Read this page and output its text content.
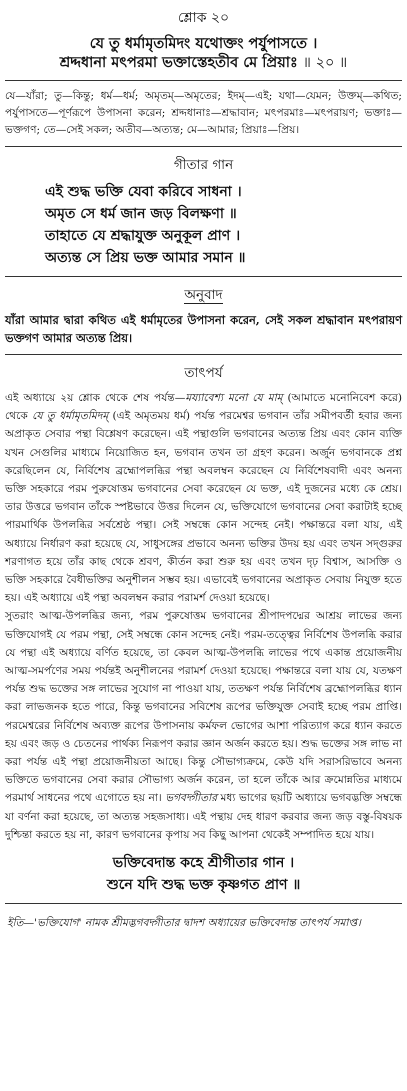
শ্লোক ২০
যে তু ধর্মামৃতমিদং যথোক্তং পর্যুপাসতে ।
শ্রদ্দধানা মৎপরমা ভক্তাস্তেহতীব মে প্রিয়াঃ ॥ ২০ ॥
যে—যাঁরা; তু—কিন্তু; ধর্ম—ধর্ম; অমৃতম্—অমৃতের; ইদম্—এই; যথা—যেমন; উক্তম্—কথিত; পর্যুপাসতে—পূর্ণরূপে উপাসনা করেন; শ্রদ্দধানাঃ—শ্রদ্ধাবান; মৎপরমাঃ—মৎপরায়ণ; ভক্তাঃ—ভক্তগণ; তে—সেই সকল; অতীব—অত্যন্ত; মে—আমার; প্রিয়াঃ—প্রিয়।
গীতার গান
এই শুদ্ধ ভক্তি যেবা করিবে সাধনা ।
অমৃত সে ধর্ম জান জড় বিলক্ষণা ॥
তাহাতে যে শ্রদ্ধাযুক্ত অনুকূল প্রাণ ।
অত্যন্ত সে প্রিয় ভক্ত আমার সমান ॥
অনুবাদ
যাঁরা আমার দ্বারা কথিত এই ধর্মামৃতের উপাসনা করেন, সেই সকল শ্রদ্ধাবান মৎপরায়ণ ভক্তগণ আমার অত্যন্ত প্রিয়।
তাৎপর্য
এই অধ্যায়ে ২য় শ্লোক থেকে শেষ পর্যন্ত—ময্যাবেশ্য মনো যে মাম্ (আমাতে মনোনিবেশ করে) থেকে যে তু ধর্মামৃতমিদম্ (এই অমৃতময় ধর্ম) পর্যন্ত পরমেশ্বর ভগবান তাঁর সমীপবর্তী হবার জন্য অপ্রাকৃত সেবার পন্থা বিশ্লেষণ করেছেন। এই পন্থাগুলি ভগবানের অত্যন্ত প্রিয় এবং কোন ব্যক্তি যখন সেগুলির মাধ্যমে নিয়োজিত হন, ভগবান তখন তা গ্রহণ করেন। অর্জুন ভগবানকে প্রশ্ন করেছিলেন যে, নির্বিশেষ ব্রহ্মোপলব্ধির পন্থা অবলম্বন করেছেন যে নির্বিশেষবাদী এবং অনন্য ভক্তি সহকারে পরম পুরুষোত্তম ভগবানের সেবা করেছেন যে ভক্ত, এই দুজনের মধ্যে কে শ্রেয়। তার উত্তরে ভগবান তাঁকে স্পষ্টভাবে উত্তর দিলেন যে, ভক্তিযোগে ভগবানের সেবা করাটাই হচ্ছে পারমার্থিক উপলব্ধির সর্বশ্রেষ্ঠ পন্থা। সেই সম্বন্ধে কোন সন্দেহ নেই। পক্ষান্তরে বলা যায়, এই অধ্যায়ে নির্ধারণ করা হয়েছে যে, সাধুসঙ্গের প্রভাবে অনন্য ভক্তির উদয় হয় এবং তখন সদ্গুরুর শরণাগত হয়ে তাঁর কাছ থেকে শ্রবণ, কীর্তন করা শুরু হয় এবং তখন দৃঢ় বিশ্বাস, আসক্তি ও ভক্তি সহকারে বৈধীভক্তির অনুশীলন সম্ভব হয়। এভাবেই ভগবানের অপ্রাকৃত সেবায় নিযুক্ত হতে হয়। এই অধ্যায়ে এই পন্থা অবলম্বন করার পরামর্শ দেওয়া হয়েছে।
সুতরাং আত্ম-উপলব্ধির জন্য, পরম পুরুষোত্তম ভগবানের শ্রীপাদপদ্মের আশ্রয় লাভের জন্য ভক্তিযোগই যে পরম পন্থা, সেই সম্বন্ধে কোন সন্দেহ নেই। পরম-তত্ত্বের নির্বিশেষ উপলব্ধি করার যে পন্থা এই অধ্যায়ে বর্ণিত হয়েছে, তা কেবল আত্ম-উপলব্ধি লাভের পথে একান্ত প্রয়োজনীয় আত্ম-সমর্পণের সময় পর্যন্তই অনুশীলনের পরামর্শ দেওয়া হয়েছে। পক্ষান্তরে বলা যায় যে, যতক্ষণ পর্যন্ত শুদ্ধ ভক্তের সঙ্গ লাভের সুযোগ না পাওয়া যায়, ততক্ষণ পর্যন্ত নির্বিশেষ ব্রহ্মোপলব্ধির ধ্যান করা লাভজনক হতে পারে, কিন্তু ভগবানের সবিশেষ রূপের ভক্তিযুক্ত সেবাই হচ্ছে পরম প্রাপ্তি। পরমেশ্বরের নির্বিশেষ অব্যক্ত রূপের উপাসনায় কর্মফল ভোগের আশা পরিত্যাগ করে ধ্যান করতে হয় এবং জড় ও চেতনের পার্থক্য নিরূপণ করার জ্ঞান অর্জন করতে হয়। শুদ্ধ ভক্তের সঙ্গ লাভ না করা পর্যন্ত এই পন্থা প্রয়োজনীয়তা আছে। কিন্তু সৌভাগ্যক্রমে, কেউ যদি সরাসরিভাবে অনন্য ভক্তিতে ভগবানের সেবা করার সৌভাগ্য অর্জন করেন, তা হলে তাঁকে আর ক্রমোন্নতির মাধ্যমে পরমার্থ সাধনের পথে এগোতে হয় না। ভগবদ্গীতার মধ্য ভাগের ছয়টি অধ্যায়ে ভগবদ্ভক্তি সম্বন্ধে যা বর্ণনা করা হয়েছে, তা অত্যন্ত সহজসাধ্য। এই পন্থায় দেহ ধারণ করবার জন্য জড় বস্তু-বিষয়ক দুশ্চিন্তা করতে হয় না, কারণ ভগবানের কৃপায় সব কিছু আপনা থেকেই সম্পাদিত হয়ে যায়।
ভক্তিবেদান্ত কহে শ্রীগীতার গান ।
শুনে যদি শুদ্ধ ভক্ত কৃষ্ণগত প্রাণ ॥
ইতি—'ভক্তিযোগ' নামক শ্রীমদ্ভগবদ্গীতার দ্বাদশ অধ্যায়ের ভক্তিবেদান্ত তাৎপর্য সমাপ্ত।
